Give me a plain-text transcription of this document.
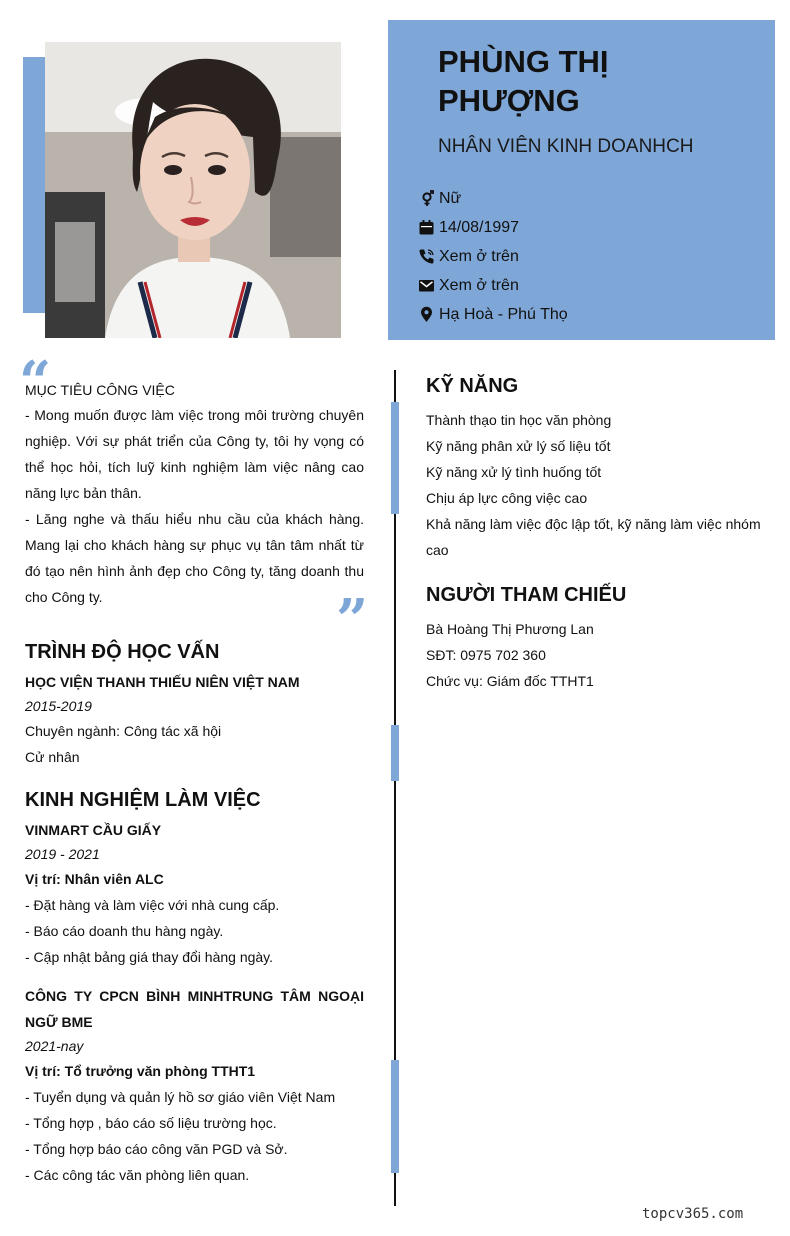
PHÙNG THỊ PHƯỢNG
NHÂN VIÊN KINH DOANHCH
Nữ
14/08/1997
Xem ở trên
Xem ở trên
Hạ Hoà - Phú Thọ
“
”
MỤC TIÊU CÔNG VIỆC

- Mong muốn được làm việc trong môi trường chuyên nghiệp. Với sự phát triển của Công ty, tôi hy vọng có thể học hỏi, tích luỹ kinh nghiệm làm việc nâng cao năng lực bản thân.

- Lăng nghe và thấu hiểu nhu cầu của khách hàng. Mang lại cho khách hàng sự phục vụ tân tâm nhất từ đó tạo nên hình ảnh đẹp cho Công ty, tăng doanh thu cho Công ty.

TRÌNH ĐỘ HỌC VẤN
HỌC VIỆN THANH THIẾU NIÊN VIỆT NAM
2015-2019
Chuyên ngành: Công tác xã hội
Cử nhân
KINH NGHIỆM LÀM VIỆC
VINMART CẦU GIẤY
2019 - 2021
Vị trí: Nhân viên ALC
- Đặt hàng và làm việc với nhà cung cấp.
- Báo cáo doanh thu hàng ngày.
- Cập nhật bảng giá thay đổi hàng ngày.
CÔNG TY CPCN BÌNH MINHTRUNG TÂM NGOẠI NGỮ BME
2021-nay
Vị trí: Tổ trưởng văn phòng TTHT1
- Tuyển dụng và quản lý hồ sơ giáo viên Việt Nam
- Tổng hợp , báo cáo số liệu trường học.
- Tổng hợp báo cáo công văn PGD và Sở.
- Các công tác văn phòng liên quan.
KỸ NĂNG
Thành thạo tin học văn phòng
Kỹ năng phân xử lý số liệu tốt
Kỹ năng xử lý tình huống tốt
Chịu áp lực công việc cao
Khả năng làm việc độc lập tốt, kỹ năng làm việc nhóm cao
NGƯỜI THAM CHIẾU
Bà Hoàng Thị Phương Lan
SĐT: 0975 702 360
Chức vụ: Giám đốc TTHT1
topcv365.com
